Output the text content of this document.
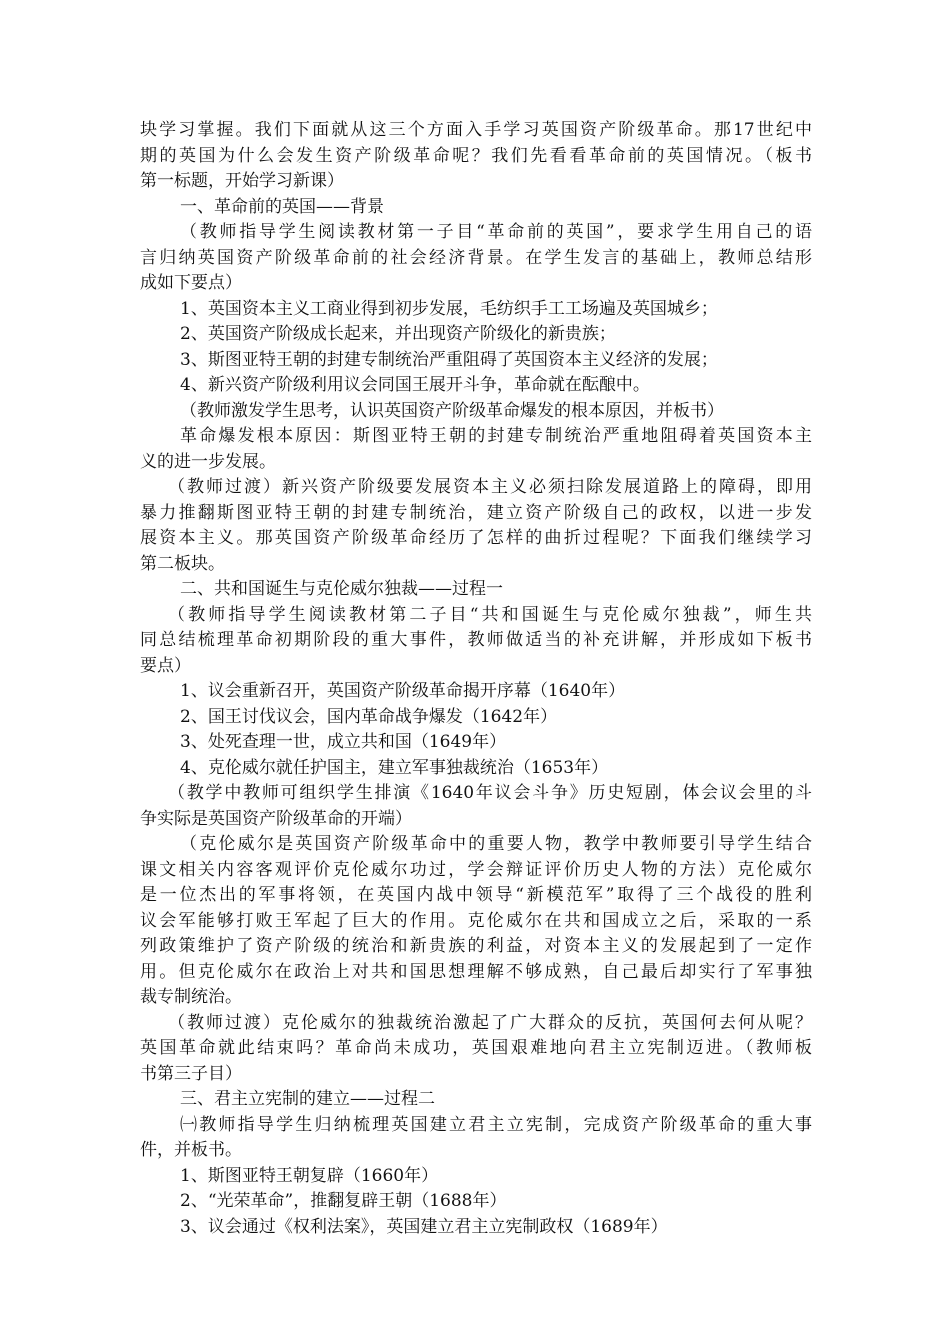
块学习掌握。我们下面就从这三个方面入手学习英国资产阶级革命。那17世纪中
期的英国为什么会发生资产阶级革命呢？我们先看看革命前的英国情况。（板书
第一标题，开始学习新课）
一、革命前的英国——背景
（教师指导学生阅读教材第一子目“革命前的英国”，要求学生用自己的语
言归纳英国资产阶级革命前的社会经济背景。在学生发言的基础上，教师总结形
成如下要点）
1、英国资本主义工商业得到初步发展，毛纺织手工工场遍及英国城乡；
2、英国资产阶级成长起来，并出现资产阶级化的新贵族；
3、斯图亚特王朝的封建专制统治严重阻碍了英国资本主义经济的发展；
4、新兴资产阶级利用议会同国王展开斗争，革命就在酝酿中。
（教师激发学生思考，认识英国资产阶级革命爆发的根本原因，并板书）
革命爆发根本原因：斯图亚特王朝的封建专制统治严重地阻碍着英国资本主
义的进一步发展。
（教师过渡）新兴资产阶级要发展资本主义必须扫除发展道路上的障碍，即用
暴力推翻斯图亚特王朝的封建专制统治，建立资产阶级自己的政权，以进一步发
展资本主义。那英国资产阶级革命经历了怎样的曲折过程呢？下面我们继续学习
第二板块。
二、共和国诞生与克伦威尔独裁——过程一
（教师指导学生阅读教材第二子目“共和国诞生与克伦威尔独裁”，师生共
同总结梳理革命初期阶段的重大事件，教师做适当的补充讲解，并形成如下板书
要点）
1、议会重新召开，英国资产阶级革命揭开序幕（1640年）
2、国王讨伐议会，国内革命战争爆发（1642年）
3、处死查理一世，成立共和国（1649年）
4、克伦威尔就任护国主，建立军事独裁统治（1653年）
（教学中教师可组织学生排演《1640年议会斗争》历史短剧，体会议会里的斗
争实际是英国资产阶级革命的开端）
（克伦威尔是英国资产阶级革命中的重要人物，教学中教师要引导学生结合
课文相关内容客观评价克伦威尔功过，学会辩证评价历史人物的方法）克伦威尔
是一位杰出的军事将领，在英国内战中领导“新模范军”取得了三个战役的胜利
议会军能够打败王军起了巨大的作用。克伦威尔在共和国成立之后，采取的一系
列政策维护了资产阶级的统治和新贵族的利益，对资本主义的发展起到了一定作
用。但克伦威尔在政治上对共和国思想理解不够成熟，自己最后却实行了军事独
裁专制统治。
（教师过渡）克伦威尔的独裁统治激起了广大群众的反抗，英国何去何从呢？
英国革命就此结束吗？革命尚未成功，英国艰难地向君主立宪制迈进。（教师板
书第三子目）
三、君主立宪制的建立——过程二
㈠教师指导学生归纳梳理英国建立君主立宪制，完成资产阶级革命的重大事
件，并板书。
1、斯图亚特王朝复辟（1660年）
2、“光荣革命”，推翻复辟王朝（1688年）
3、议会通过《权利法案》，英国建立君主立宪制政权（1689年）
